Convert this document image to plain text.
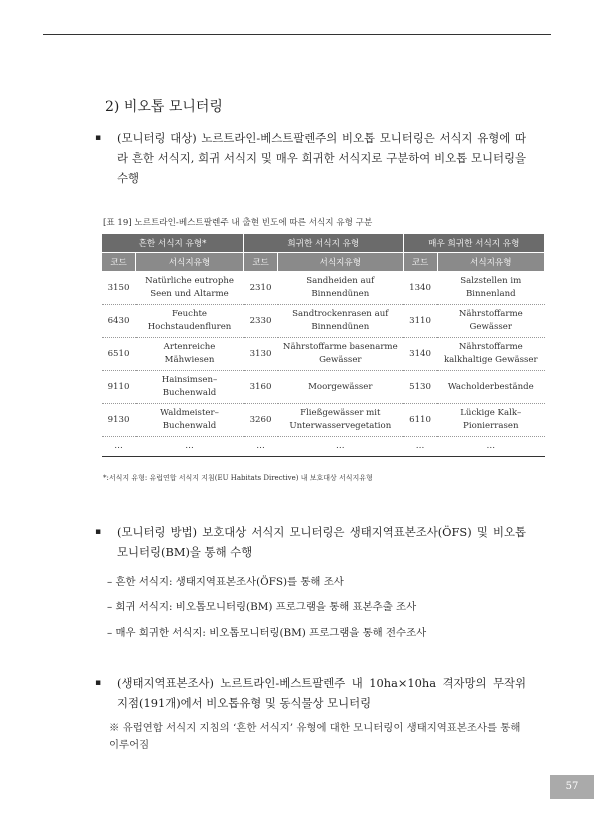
2) 비오톱 모니터링
▪ (모니터링 대상) 노르트라인-베스트팔렌주의 비오톱 모니터링은 서식지 유형에 따라 흔한 서식지, 희귀 서식지 및 매우 희귀한 서식지로 구분하여 비오톱 모니터링을 수행
[표 19] 노르트라인-베스트팔렌주 내 출현 빈도에 따른 서식지 유형 구분
흔한 서식지 유형*		희귀한 서식지 유형		매우 희귀한 서식지 유형	
코드	서식지유형	코드	서식지유형	코드	서식지유형
3150	Natürliche eutrophe Seen und Altarme	2310	Sandheiden auf Binnendünen	1340	Salzstellen im Binnenland
6430	Feuchte Hochstaudenfluren	2330	Sandtrockenrasen auf Binnendünen	3110	Nährstoffarme Gewässer
6510	Artenreiche Mähwiesen	3130	Nährstoffarme basenarme Gewässer	3140	Nährstoffarme kalkhaltige Gewässer
9110	Hainsimsen–Buchenwald	3160	Moorgewässer	5130	Wacholderbestände
9130	Waldmeister–Buchenwald	3260	Fließgewässer mit Unterwasservegetation	6110	Lückige Kalk–Pionierrasen
…	…	…	…	…	…
*:서식지 유형: 유럽연합 서식지 지침(EU Habitats Directive) 내 보호대상 서식지유형
▪ (모니터링 방법) 보호대상 서식지 모니터링은 생태지역표본조사(ÖFS) 및 비오톱모니터링(BM)을 통해 수행
– 흔한 서식지: 생태지역표본조사(ÖFS)를 통해 조사
– 희귀 서식지: 비오톱모니터링(BM) 프로그램을 통해 표본추출 조사
– 매우 희귀한 서식지: 비오톱모니터링(BM) 프로그램을 통해 전수조사
▪ (생태지역표본조사) 노르트라인-베스트팔렌주 내 10ha×10ha 격자망의 무작위 지점(191개)에서 비오톱유형 및 동식물상 모니터링
※ 유럽연합 서식지 지침의 ‘흔한 서식지’ 유형에 대한 모니터링이 생태지역표본조사를 통해 이루어짐
57
